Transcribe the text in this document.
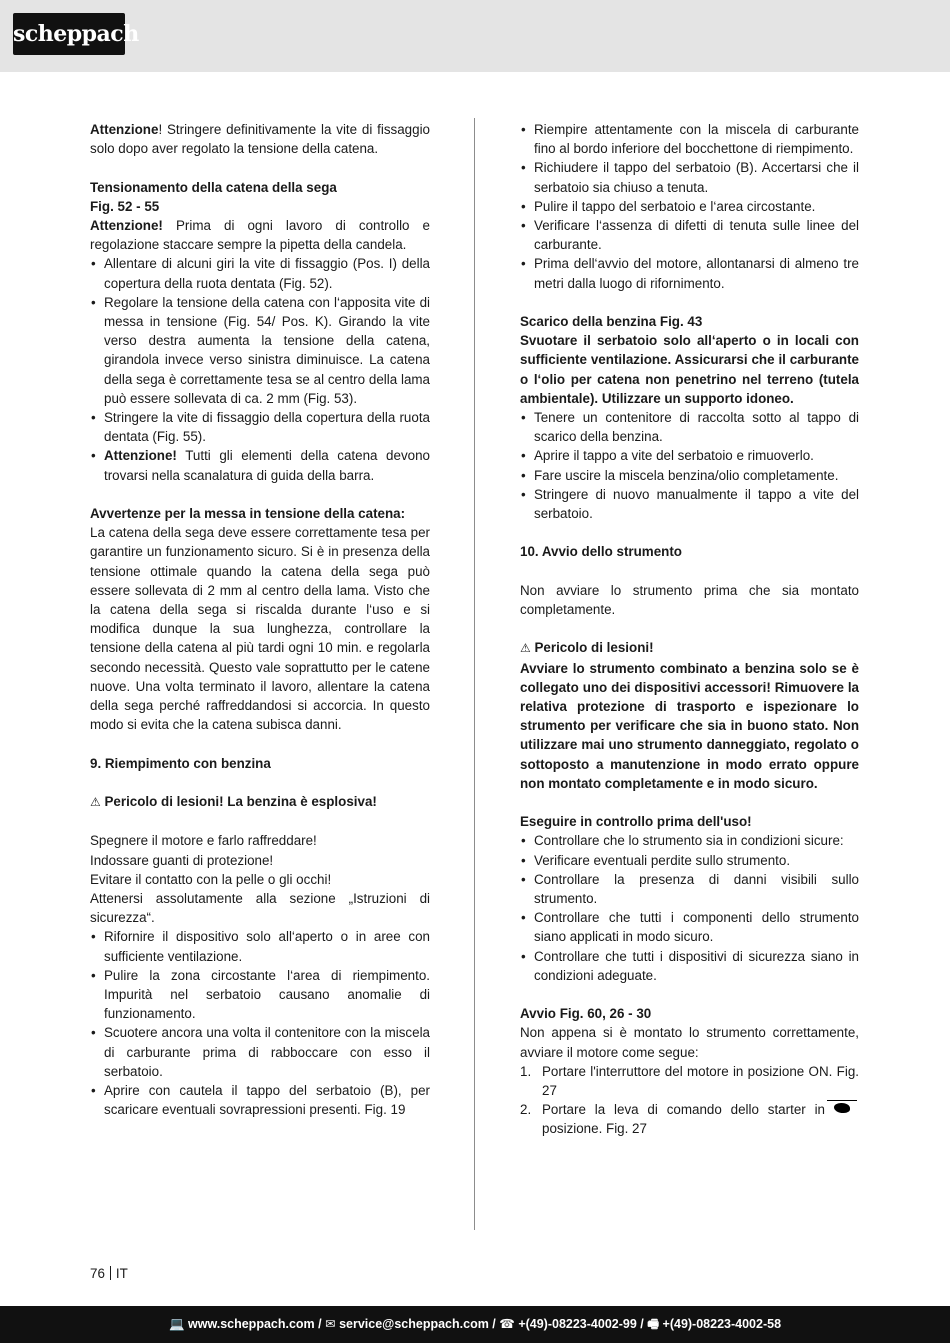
scheppach

Attenzione! Stringere definitivamente la vite di fissaggio solo dopo aver regolato la tensione della catena.

Tensionamento della catena della sega

Fig. 52 - 55

Attenzione! Prima di ogni lavoro di controllo e regolazione staccare sempre la pipetta della candela.

• Allentare di alcuni giri la vite di fissaggio (Pos. I) della copertura della ruota dentata (Fig. 52).
• Regolare la tensione della catena con l‘apposita vite di messa in tensione (Fig. 54/ Pos. K). Girando la vite verso destra aumenta la tensione della catena, girandola invece verso sinistra diminuisce. La catena della sega è correttamente tesa se al centro della lama può essere sollevata di ca. 2 mm (Fig. 53).
• Stringere la vite di fissaggio della copertura della ruota dentata (Fig. 55).
• Attenzione! Tutti gli elementi della catena devono trovarsi nella scanalatura di guida della barra.

Avvertenze per la messa in tensione della catena:

La catena della sega deve essere correttamente tesa per garantire un funzionamento sicuro. Si è in presenza della tensione ottimale quando la catena della sega può essere sollevata di 2 mm al centro della lama. Visto che la catena della sega si riscalda durante l‘uso e si modifica dunque la sua lunghezza, controllare la tensione della catena al più tardi ogni 10 min. e regolarla secondo necessità. Questo vale soprattutto per le catene nuove. Una volta terminato il lavoro, allentare la catena della sega perché raffreddandosi si accorcia. In questo modo si evita che la catena subisca danni.

9. Riempimento con benzina

⚠ Pericolo di lesioni! La benzina è esplosiva!

Spegnere il motore e farlo raffreddare!

Indossare guanti di protezione!

Evitare il contatto con la pelle o gli occhi!

Attenersi assolutamente alla sezione „Istruzioni di sicurezza“.

• Rifornire il dispositivo solo all‘aperto o in aree con sufficiente ventilazione.
• Pulire la zona circostante l‘area di riempimento. Impurità nel serbatoio causano anomalie di funzionamento.
• Scuotere ancora una volta il contenitore con la miscela di carburante prima di rabboccare con esso il serbatoio.
• Aprire con cautela il tappo del serbatoio (B), per scaricare eventuali sovrapressioni presenti. Fig. 19
• Riempire attentamente con la miscela di carburante fino al bordo inferiore del bocchettone di riempimento.
• Richiudere il tappo del serbatoio (B). Accertarsi che il serbatoio sia chiuso a tenuta.
• Pulire il tappo del serbatoio e l‘area circostante.
• Verificare l‘assenza di difetti di tenuta sulle linee del carburante.
• Prima dell‘avvio del motore, allontanarsi di almeno tre metri dalla luogo di rifornimento.

Scarico della benzina Fig. 43

Svuotare il serbatoio solo all‘aperto o in locali con sufficiente ventilazione. Assicurarsi che il carburante o l‘olio per catena non penetrino nel terreno (tutela ambientale). Utilizzare un supporto idoneo.

• Tenere un contenitore di raccolta sotto al tappo di scarico della benzina.
• Aprire il tappo a vite del serbatoio e rimuoverlo.
• Fare uscire la miscela benzina/olio completamente.
• Stringere di nuovo manualmente il tappo a vite del serbatoio.

10. Avvio dello strumento

Non avviare lo strumento prima che sia montato completamente.

⚠ Pericolo di lesioni!

Avviare lo strumento combinato a benzina solo se è collegato uno dei dispositivi accessori! Rimuovere la relativa protezione di trasporto e ispezionare lo strumento per verificare che sia in buono stato. Non utilizzare mai uno strumento danneggiato, regolato o sottoposto a manutenzione in modo errato oppure non montato completamente e in modo sicuro.

Eseguire in controllo prima dell'uso!

• Controllare che lo strumento sia in condizioni sicure:
• Verificare eventuali perdite sullo strumento.
• Controllare la presenza di danni visibili sullo strumento.
• Controllare che tutti i componenti dello strumento siano applicati in modo sicuro.
• Controllare che tutti i dispositivi di sicurezza siano in condizioni adeguate.

Avvio Fig. 60, 26 - 30

Non appena si è montato lo strumento correttamente, avviare il motore come segue:

1. Portare l'interruttore del motore in posizione ON. Fig. 27
2. Portare la leva di comando dello starter inposizione. Fig. 27
76 IT
💻 www.scheppach.com / ✉ service@scheppach.com / ☎ +(49)-08223-4002-99 / 🖷 +(49)-08223-4002-58
